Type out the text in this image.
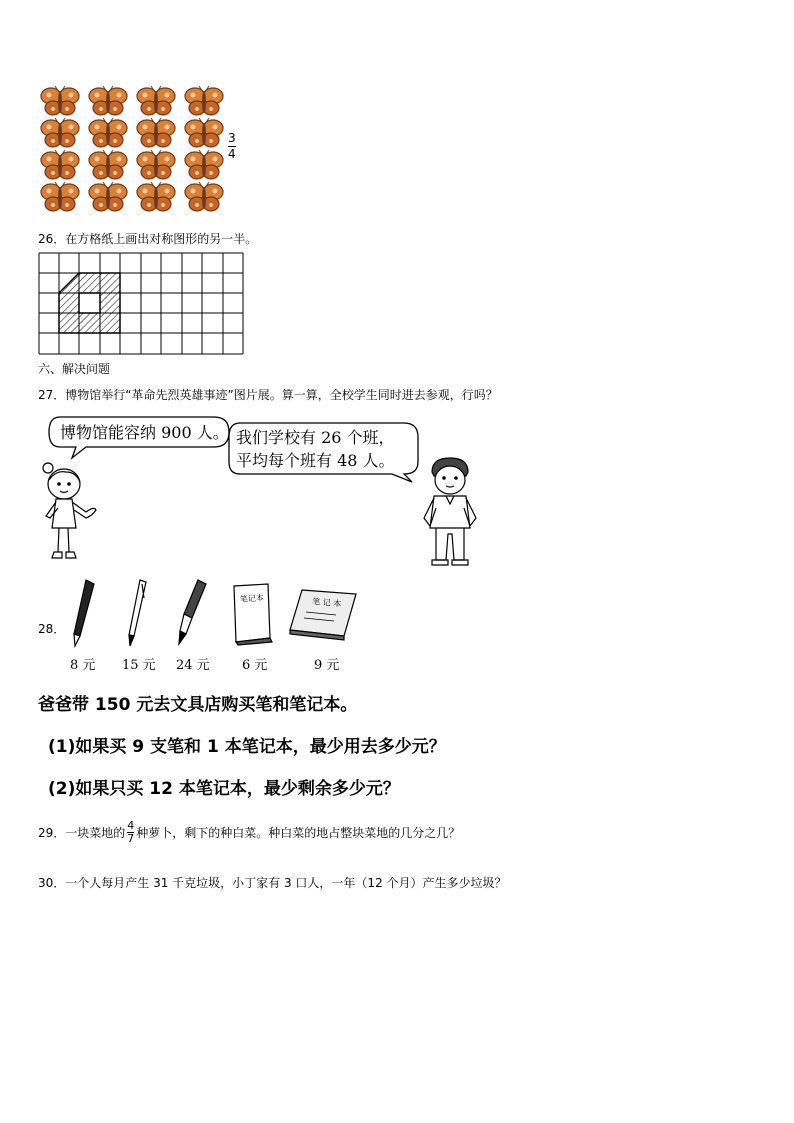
$\frac{3}{4}$
26．在方格纸上画出对称图形的另一半。
六、解决问题
27．博物馆举行“革命先烈英雄事迹”图片展。算一算，全校学生同时进去参观，行吗？
博物馆能容纳 900 人。 我们学校有 26 个班，
平均每个班有 48 人。
28．
笔记本	笔 记 本
8 元 15 元 24 元 6 元	9 元
爸爸带 150 元去文具店购买笔和笔记本。
(1)如果买 9 支笔和 1 本笔记本，最少用去多少元？
(2)如果只买 12 本笔记本，最少剩余多少元？
29．一块菜地的 $\frac{4}{7}$ 种萝卜，剩下的种白菜。种白菜的地占整块菜地的几分之几？
30．一个人每月产生 31 千克垃圾，小丁家有 3 口人，一年（12 个月）产生多少垃圾？
